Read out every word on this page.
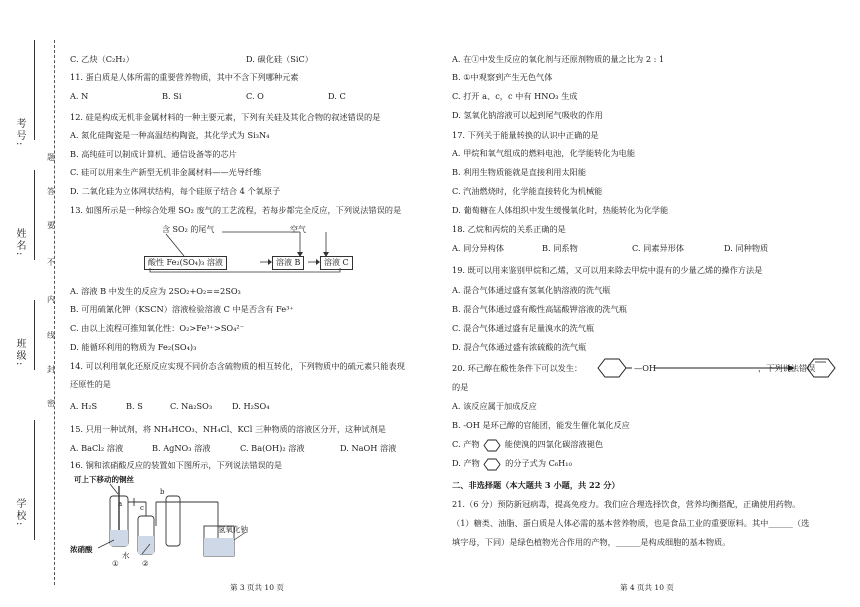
考号:
姓名:
班级:
学校:
题
答
要
不
内
线
封
密
C. 乙炔（C₂H₂）	D. 碳化硅（SiC）
11. 蛋白质是人体所需的重要营养物质，其中不含下列哪种元素
A. N	B. Si	C. O	D. C
12. 硅是构成无机非金属材料的一种主要元素，下列有关硅及其化合物的叙述错误的是
A. 氮化硅陶瓷是一种高温结构陶瓷，其化学式为 Si₃N₄
B. 高纯硅可以制成计算机、通信设备等的芯片
C. 硅可以用来生产新型无机非金属材料——光导纤维
D. 二氧化硅为立体网状结构，每个硅原子结合 4 个氧原子
13. 如图所示是一种综合处理 SO₂ 废气的工艺流程，若每步都完全反应，下列说法错误的是
含 SO₂ 的尾气	空气
酸性 Fe₂(SO₄)₃ 溶液	溶液 B	溶液 C
A. 溶液 B 中发生的反应为 2SO₂+O₂==2SO₃
B. 可用硫氰化钾（KSCN）溶液检验溶液 C 中是否含有 Fe³⁺
C. 由以上流程可推知氧化性：O₂>Fe³⁺>SO₄²⁻
D. 能循环利用的物质为 Fe₂(SO₄)₃
14. 可以利用氧化还原反应实现不同价态含硫物质的相互转化，下列物质中的硫元素只能表现
还原性的是
A. H₂S	B. S	C. Na₂SO₃ D. H₂SO₄
15. 只用一种试剂，将 NH₄HCO₃、NH₄Cl、KCl 三种物质的溶液区分开，这种试剂是
A. BaCl₂ 溶液	B. AgNO₃ 溶液	C. Ba(OH)₂ 溶液	D. NaOH 溶液
16. 铜和浓硝酸反应的装置如下图所示，下列说法错误的是
可上下移动的铜丝
a	c
b
浓硝酸
水
①	②
氢氧化钠
第 3 页共 10 页
A. 在①中发生反应的氧化剂与还原剂物质的量之比为 2 : 1
B. ①中观察到产生无色气体
C. 打开 a、c，c 中有 HNO₃ 生成
D. 氢氧化钠溶液可以起到尾气吸收的作用
17. 下列关于能量转换的认识中正确的是
A. 甲烷和氧气组成的燃料电池，化学能转化为电能
B. 利用生物质能就是直接利用太阳能
C. 汽油燃烧时，化学能直接转化为机械能
D. 葡萄糖在人体组织中发生缓慢氧化时，热能转化为化学能
18. 乙烷和丙烷的关系正确的是
A. 同分异构体	B. 同系物	C. 同素异形体	D. 同种物质
19. 既可以用来鉴别甲烷和乙烯，又可以用来除去甲烷中混有的少量乙烯的操作方法是
A. 混合气体通过盛有氢氧化钠溶液的洗气瓶
B. 混合气体通过盛有酸性高锰酸钾溶液的洗气瓶
C. 混合气体通过盛有足量溴水的洗气瓶
D. 混合气体通过盛有浓硫酸的洗气瓶
20. 环己醇在酸性条件下可以发生：	—OH	，下列说法错误
的是
A. 该反应属于加成反应
B. -OH 是环己醇的官能团，能发生催化氧化反应
C. 产物	能使溴的四氯化碳溶液褪色
D. 产物	的分子式为 C₆H₁₀
二、非选择题（本大题共 3 小题，共 22 分）
21.（6 分）预防新冠病毒，提高免疫力。我们应合理选择饮食，营养均衡搭配，正确使用药物。
（1）糖类、油脂、蛋白质是人体必需的基本营养物质，也是食品工业的重要原料。其中______（选
填字母，下同）是绿色植物光合作用的产物，______是构成细胞的基本物质。
第 4 页共 10 页
